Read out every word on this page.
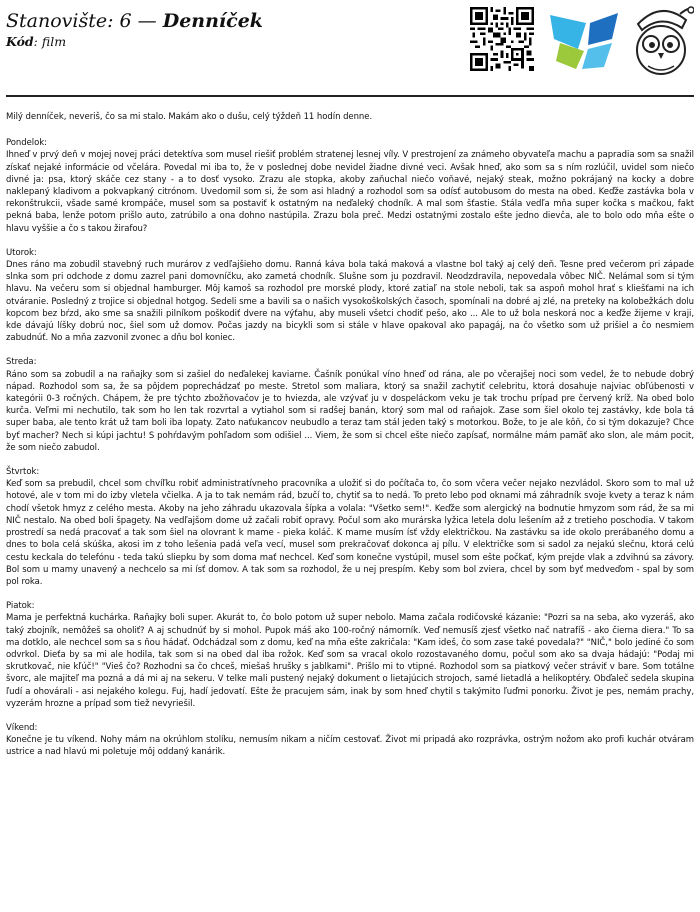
Stanovište: 6 — Denníček
Kód: film

Milý denníček, neveriš, čo sa mi stalo. Makám ako o dušu, celý týždeň 11 hodín denne.

Pondelok:

Ihneď v prvý deň v mojej novej práci detektíva som musel riešiť problém stratenej lesnej víly. V prestrojení za známeho obyvateľa machu a papradia som sa snažil získať nejaké informácie od včelára. Povedal mi iba to, že v poslednej dobe nevidel žiadne divné veci. Avšak hneď, ako som sa s ním rozlúčil, uvidel som niečo divné ja: psa, ktorý skáče cez stany - a to dosť vysoko. Zrazu ale stopka, akoby zaňuchal niečo voňavé, nejaký steak, možno pokrájaný na kocky a dobre naklepaný kladivom a pokvapkaný citrónom. Uvedomil som si, že som asi hladný a rozhodol som sa odísť autobusom do mesta na obed. Keďže zastávka bola v rekonštrukcii, všade samé krompáče, musel som sa postaviť k ostatným na neďaleký chodník. A mal som šťastie. Stála vedľa mňa super kočka s mačkou, fakt pekná baba, lenže potom prišlo auto, zatrúbilo a ona dohno nastúpila. Zrazu bola preč. Medzi ostatnými zostalo ešte jedno dievča, ale to bolo odo mňa ešte o hlavu vyššie a čo s takou žirafou?

Utorok:

Dnes ráno ma zobudil stavebný ruch murárov z vedľajšieho domu. Ranná káva bola taká maková a vlastne bol taký aj celý deň. Tesne pred večerom pri západe slnka som pri odchode z domu zazrel pani domovníčku, ako zametá chodník. Slušne som ju pozdravil. Neodzdravila, nepovedala vôbec NIČ. Nelámal som si tým hlavu. Na večeru som si objednal hamburger. Môj kamoš sa rozhodol pre morské plody, ktoré zatiaľ na stole neboli, tak sa aspoň mohol hrať s kliešťami na ich otváranie. Posledný z trojice si objednal hotgog. Sedeli sme a bavili sa o našich vysokoškolských časoch, spomínali na dobré aj zlé, na preteky na kolobežkách dolu kopcom bez bŕzd, ako sme sa snažili pilníkom poškodiť dvere na výťahu, aby museli všetci chodiť pešo, ako ... Ale to už bola neskorá noc a keďže žijeme v kraji, kde dávajú líšky dobrú noc, šiel som už domov. Počas jazdy na bicykli som si stále v hlave opakoval ako papagáj, na čo všetko som už prišiel a čo nesmiem zabudnúť. No a mňa zazvonil zvonec a dňu bol koniec.

Streda:

Ráno som sa zobudil a na raňajky som si zašiel do neďalekej kaviarne. Čašník ponúkal víno hneď od rána, ale po včerajšej noci som vedel, že to nebude dobrý nápad. Rozhodol som sa, že sa pôjdem poprechádzať po meste. Stretol som maliara, ktorý sa snažil zachytiť celebritu, ktorá dosahuje najviac obľúbenosti v kategórii 0-3 ročných. Chápem, že pre týchto zbožňovačov je to hviezda, ale vzývať ju v dospeláckom veku je tak trochu prípad pre červený kríž. Na obed bolo kurča. Veľmi mi nechutilo, tak som ho len tak rozvrtal a vytiahol som si radšej banán, ktorý som mal od raňajok. Zase som šiel okolo tej zastávky, kde bola tá super baba, ale tento krát už tam boli iba lopaty. Zato naťukancov neubudlo a teraz tam stál jeden taký s motorkou. Bože, to je ale kôň, čo si tým dokazuje? Chce byť macher? Nech si kúpi jachtu! S pohŕdavým pohľadom som odišiel ... Viem, že som si chcel ešte niečo zapísať, normálne mám pamäť ako slon, ale mám pocit, že som niečo zabudol.

Štvrtok:

Keď som sa prebudil, chcel som chvíľku robiť administratívneho pracovníka a uložiť si do počítača to, čo som včera večer nejako nezvládol. Skoro som to mal už hotové, ale v tom mi do izby vletela včielka. A ja to tak nemám rád, bzučí to, chytiť sa to nedá. To preto lebo pod oknami má záhradník svoje kvety a teraz k nám chodí všetok hmyz z celého mesta. Akoby na jeho záhradu ukazovala šípka a volala: "Všetko sem!". Keďže som alergický na bodnutie hmyzom som rád, že sa mi NIČ nestalo. Na obed boli špagety. Na vedľajšom dome už začali robiť opravy. Počul som ako murárska lyžica letela dolu lešením až z tretieho poschodia. V takom prostredí sa nedá pracovať a tak som šiel na olovrant k mame - pieka koláč. K mame musím ísť vždy električkou. Na zastávku sa ide okolo prerábaného domu a dnes to bola celá skúška, akosi im z toho lešenia padá veľa vecí, musel som prekračovať dokonca aj pílu. V električke som si sadol za nejakú slečnu, ktorá celú cestu keckala do telefónu - teda takú sliepku by som doma mať nechcel. Keď som konečne vystúpil, musel som ešte počkať, kým prejde vlak a zdvihnú sa závory. Bol som u mamy unavený a nechcelo sa mi ísť domov. A tak som sa rozhodol, že u nej prespím. Keby som bol zviera, chcel by som byť medveďom - spal by som pol roka.

Piatok:

Mama je perfektná kuchárka. Raňajky boli super. Akurát to, čo bolo potom už super nebolo. Mama začala rodičovské kázanie: "Pozri sa na seba, ako vyzeráš, ako taký zbojník, nemôžeš sa oholiť? A aj schudnúť by si mohol. Pupok máš ako 100-ročný námorník. Veď nemusíš zjesť všetko nač natrafíš - ako čierna diera." To sa ma dotklo, ale nechcel som sa s ňou hádať. Odchádzal som z domu, keď na mňa ešte zakričala: "Kam ideš, čo som zase také povedala?" "NIČ," bolo jediné čo som odvrkol. Dieťa by sa mi ale hodila, tak som si na obed dal iba rožok. Keď som sa vracal okolo rozostavaného domu, počul som ako sa dvaja hádajú: "Podaj mi skrutkovač, nie kľúč!" "Vieš čo? Rozhodni sa čo chceš, miešaš hrušky s jablkami". Prišlo mi to vtipné. Rozhodol som sa piatkový večer stráviť v bare. Som totálne švorc, ale majiteľ ma pozná a dá mi aj na sekeru. V telke mali pustený nejaký dokument o lietajúcich strojoch, samé lietadlá a helikoptéry. Obďaleč sedela skupina ľudí a ohovárali - asi nejakého kolegu. Fuj, hadí jedovatí. Ešte že pracujem sám, inak by som hneď chytil s takýmito ľuďmi ponorku. Život je pes, nemám prachy, vyzerám hrozne a prípad som tiež nevyriešil.

Víkend:

Konečne je tu víkend. Nohy mám na okrúhlom stolíku, nemusím nikam a ničím cestovať. Život mi pripadá ako rozprávka, ostrým nožom ako profi kuchár otváram ustrice a nad hlavú mi poletuje môj oddaný kanárik.
